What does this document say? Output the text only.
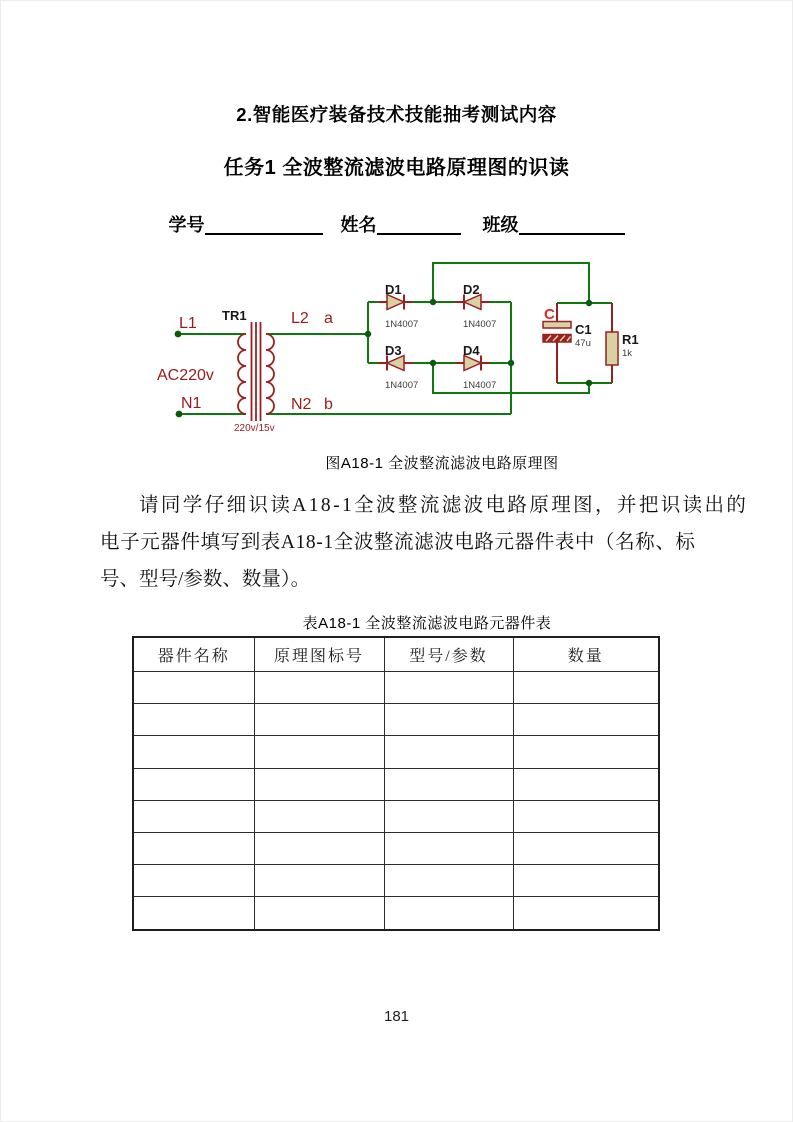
2.智能医疗装备技术技能抽考测试内容
任务1 全波整流滤波电路原理图的识读
学号	姓名	班级
L1
N1
AC220v
TR1
220v/15v
L2 a
N2 b
D1	D2
D3	D4
1N4007	1N4007
1N4007	1N4007
C
C1
47u R1
1k
图A18-1 全波整流滤波电路原理图
请同学仔细识读A18-1全波整流滤波电路原理图，并把识读出的
电子元器件填写到表A18-1全波整流滤波电路元器件表中（名称、标
号、型号/参数、数量）。
表A18-1 全波整流滤波电路元器件表
器件名称	原理图标号	型号/参数	数量

181
